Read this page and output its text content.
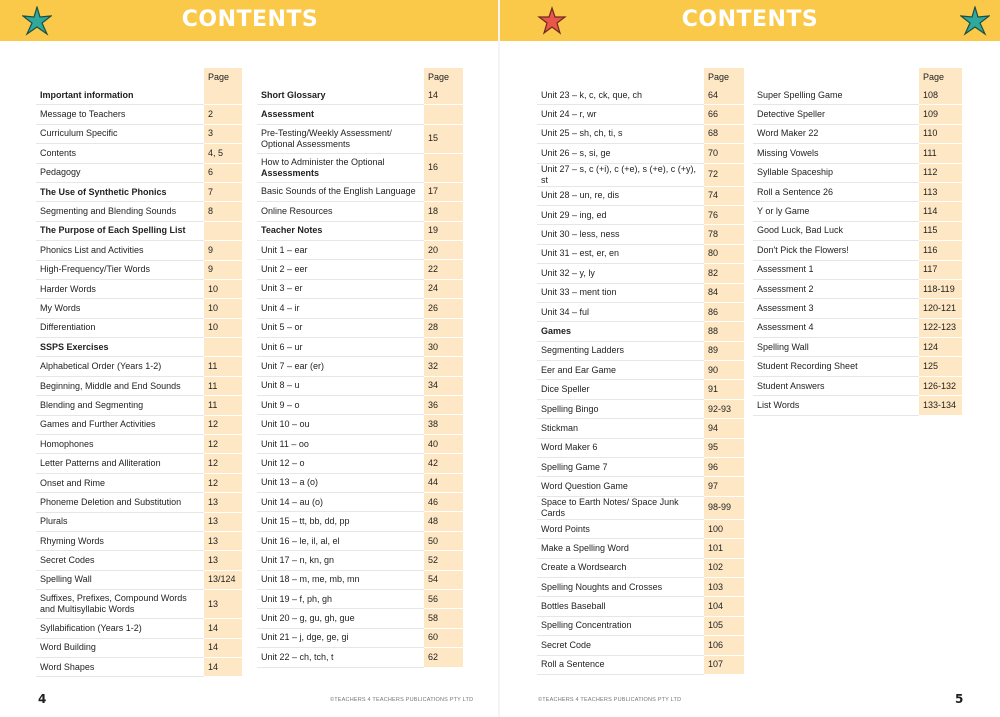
CONTENTS
	Page
Important information	
Message to Teachers	2
Curriculum Specific	3
Contents	4, 5
Pedagogy	6
The Use of Synthetic Phonics	7
Segmenting and Blending Sounds	8
The Purpose of Each Spelling List	
Phonics List and Activities	9
High-Frequency/Tier Words	9
Harder Words	10
My Words	10
Differentiation	10
SSPS Exercises	
Alphabetical Order (Years 1-2)	11
Beginning, Middle and End Sounds	11
Blending and Segmenting	11
Games and Further Activities	12
Homophones	12
Letter Patterns and Alliteration	12
Onset and Rime	12
Phoneme Deletion and Substitution	13
Plurals	13
Rhyming Words	13
Secret Codes	13
Spelling Wall	13/124
Suffixes, Prefixes, Compound Words and Multisyllabic Words	13
Syllabification (Years 1-2)	14
Word Building	14
Word Shapes	14
	Page
Short Glossary	14
Assessment	
Pre-Testing/Weekly Assessment/ Optional Assessments	15
How to Administer the Optional Assessments	16
Basic Sounds of the English Language	17
Online Resources	18
Teacher Notes	19
Unit 1 – ear	20
Unit 2 – eer	22
Unit 3 – er	24
Unit 4 – ir	26
Unit 5 – or	28
Unit 6 – ur	30
Unit 7 – ear (er)	32
Unit 8 – u	34
Unit 9 – o	36
Unit 10 – ou	38
Unit 11 – oo	40
Unit 12 – o	42
Unit 13 – a (o)	44
Unit 14 – au (o)	46
Unit 15 – tt, bb, dd, pp	48
Unit 16 – le, il, al, el	50
Unit 17 – n, kn, gn	52
Unit 18 – m, me, mb, mn	54
Unit 19 – f, ph, gh	56
Unit 20 – g, gu, gh, gue	58
Unit 21 – j, dge, ge, gi	60
Unit 22 – ch, tch, t	62
4	©TEACHERS 4 TEACHERS PUBLICATIONS PTY LTD
CONTENTS
	Page
Unit 23 – k, c, ck, que, ch	64
Unit 24 – r, wr	66
Unit 25 – sh, ch, ti, s	68
Unit 26 – s, si, ge	70
Unit 27 – s, c (+i), c (+e), s (+e), c (+y), st	72
Unit 28 – un, re, dis	74
Unit 29 – ing, ed	76
Unit 30 – less, ness	78
Unit 31 – est, er, en	80
Unit 32 – y, ly	82
Unit 33 – ment tion	84
Unit 34 – ful	86
Games	88
Segmenting Ladders	89
Eer and Ear Game	90
Dice Speller	91
Spelling Bingo	92-93
Stickman	94
Word Maker 6	95
Spelling Game 7	96
Word Question Game	97
Space to Earth Notes/ Space Junk Cards	98-99
Word Points	100
Make a Spelling Word	101
Create a Wordsearch	102
Spelling Noughts and Crosses	103
Bottles Baseball	104
Spelling Concentration	105
Secret Code	106
Roll a Sentence	107
	Page
Super Spelling Game	108
Detective Speller	109
Word Maker 22	110
Missing Vowels	111
Syllable Spaceship	112
Roll a Sentence 26	113
Y or ly Game	114
Good Luck, Bad Luck	115
Don't Pick the Flowers!	116
Assessment 1	117
Assessment 2	118-119
Assessment 3	120-121
Assessment 4	122-123
Spelling Wall	124
Student Recording Sheet	125
Student Answers	126-132
List Words	133-134
©TEACHERS 4 TEACHERS PUBLICATIONS PTY LTD	5
